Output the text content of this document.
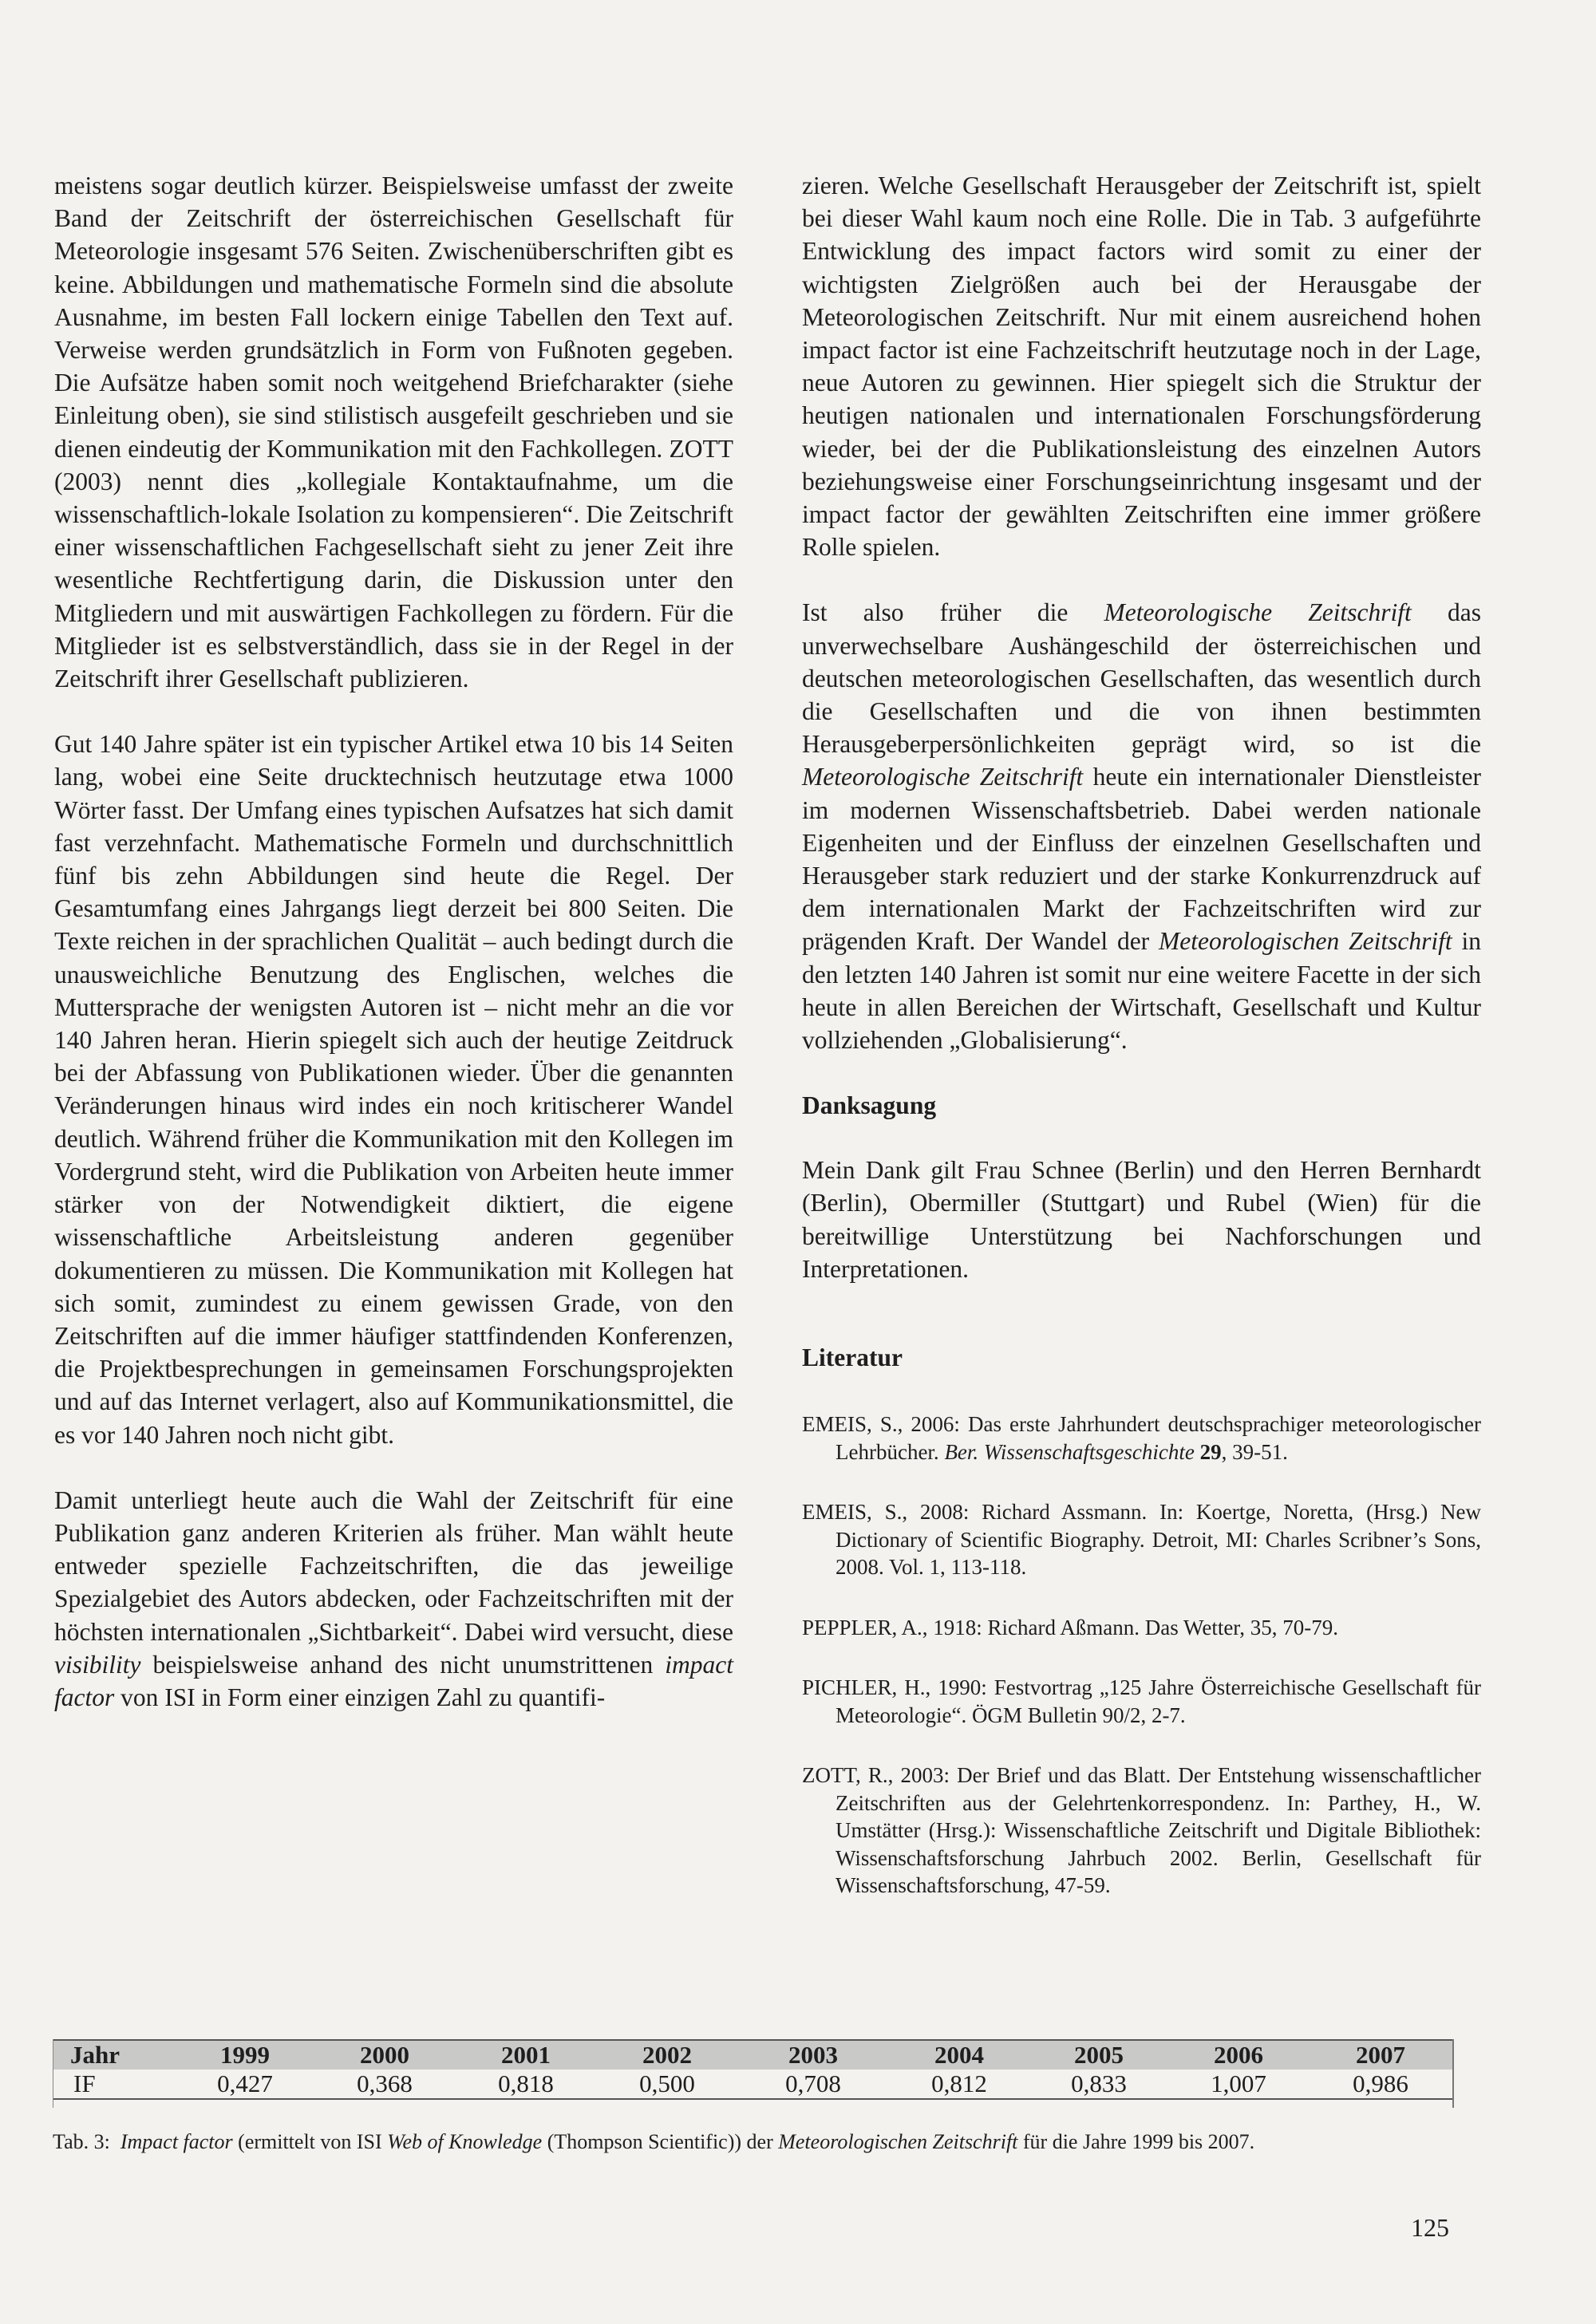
meistens sogar deutlich kürzer. Beispielsweise umfasst der zweite Band der Zeitschrift der österreichischen Gesellschaft für Meteorologie insgesamt 576 Seiten. Zwischenüberschriften gibt es keine. Abbildungen und mathematische Formeln sind die absolute Ausnahme, im besten Fall lockern einige Tabellen den Text auf. Verweise werden grundsätzlich in Form von Fußnoten gegeben. Die Aufsätze haben somit noch weitgehend Briefcharakter (siehe Einleitung oben), sie sind stilistisch ausgefeilt geschrieben und sie dienen eindeutig der Kommunikation mit den Fachkollegen. ZOTT (2003) nennt dies „kollegiale Kontaktaufnahme, um die wissenschaftlich-lokale Isolation zu kompensieren“. Die Zeitschrift einer wissenschaftlichen Fachgesellschaft sieht zu jener Zeit ihre wesentliche Rechtfertigung darin, die Diskussion unter den Mitgliedern und mit auswärtigen Fachkollegen zu fördern. Für die Mitglieder ist es selbstverständlich, dass sie in der Regel in der Zeitschrift ihrer Gesellschaft publizieren.

Gut 140 Jahre später ist ein typischer Artikel etwa 10 bis 14 Seiten lang, wobei eine Seite drucktechnisch heutzutage etwa 1000 Wörter fasst. Der Umfang eines typischen Aufsatzes hat sich damit fast verzehnfacht. Mathematische Formeln und durchschnittlich fünf bis zehn Abbildungen sind heute die Regel. Der Gesamtumfang eines Jahrgangs liegt derzeit bei 800 Seiten. Die Texte reichen in der sprachlichen Qualität – auch bedingt durch die unausweichliche Benutzung des Englischen, welches die Muttersprache der wenigsten Autoren ist – nicht mehr an die vor 140 Jahren heran. Hierin spiegelt sich auch der heutige Zeitdruck bei der Abfassung von Publikationen wieder. Über die genannten Veränderungen hinaus wird indes ein noch kritischerer Wandel deutlich. Während früher die Kommunikation mit den Kollegen im Vordergrund steht, wird die Publikation von Arbeiten heute immer stärker von der Notwendigkeit diktiert, die eigene wissenschaftliche Arbeitsleistung anderen gegenüber dokumentieren zu müssen. Die Kommunikation mit Kollegen hat sich somit, zumindest zu einem gewissen Grade, von den Zeitschriften auf die immer häufiger stattfindenden Konferenzen, die Projektbesprechungen in gemeinsamen Forschungsprojekten und auf das Internet verlagert, also auf Kommunikationsmittel, die es vor 140 Jahren noch nicht gibt.

Damit unterliegt heute auch die Wahl der Zeitschrift für eine Publikation ganz anderen Kriterien als früher. Man wählt heute entweder spezielle Fachzeitschriften, die das jeweilige Spezialgebiet des Autors abdecken, oder Fachzeitschriften mit der höchsten internationalen „Sichtbarkeit“. Dabei wird versucht, diese visibility beispielsweise anhand des nicht unumstrittenen impact factor von ISI in Form einer einzigen Zahl zu quantifi-

zieren. Welche Gesellschaft Herausgeber der Zeitschrift ist, spielt bei dieser Wahl kaum noch eine Rolle. Die in Tab. 3 aufgeführte Entwicklung des impact factors wird somit zu einer der wichtigsten Zielgrößen auch bei der Herausgabe der Meteorologischen Zeitschrift. Nur mit einem ausreichend hohen impact factor ist eine Fachzeitschrift heutzutage noch in der Lage, neue Autoren zu gewinnen. Hier spiegelt sich die Struktur der heutigen nationalen und internationalen Forschungsförderung wieder, bei der die Publikationsleistung des einzelnen Autors beziehungsweise einer Forschungseinrichtung insgesamt und der impact factor der gewählten Zeitschriften eine immer größere Rolle spielen.

Ist also früher die Meteorologische Zeitschrift das unverwechselbare Aushängeschild der österreichischen und deutschen meteorologischen Gesellschaften, das wesentlich durch die Gesellschaften und die von ihnen bestimmten Herausgeberpersönlichkeiten geprägt wird, so ist die Meteorologische Zeitschrift heute ein internationaler Dienstleister im modernen Wissenschaftsbetrieb. Dabei werden nationale Eigenheiten und der Einfluss der einzelnen Gesellschaften und Herausgeber stark reduziert und der starke Konkurrenzdruck auf dem internationalen Markt der Fachzeitschriften wird zur prägenden Kraft. Der Wandel der Meteorologischen Zeitschrift in den letzten 140 Jahren ist somit nur eine weitere Facette in der sich heute in allen Bereichen der Wirtschaft, Gesellschaft und Kultur vollziehenden „Globalisierung“.

Danksagung

Mein Dank gilt Frau Schnee (Berlin) und den Herren Bernhardt (Berlin), Obermiller (Stuttgart) und Rubel (Wien) für die bereitwillige Unterstützung bei Nachforschungen und Interpretationen.

Literatur

EMEIS, S., 2006: Das erste Jahrhundert deutschsprachiger meteorologischer Lehrbücher. Ber. Wissenschaftsgeschichte 29, 39-51.

EMEIS, S., 2008: Richard Assmann. In: Koertge, Noretta, (Hrsg.) New Dictionary of Scientific Biography. Detroit, MI: Charles Scribner’s Sons, 2008. Vol. 1, 113-118.

PEPPLER, A., 1918: Richard Aßmann. Das Wetter, 35, 70-79.

PICHLER, H., 1990: Festvortrag „125 Jahre Österreichische Gesellschaft für Meteorologie“. ÖGM Bulletin 90/2, 2-7.

ZOTT, R., 2003: Der Brief und das Blatt. Der Entstehung wissenschaftlicher Zeitschriften aus der Gelehrtenkorrespondenz. In: Parthey, H., W. Umstätter (Hrsg.): Wissenschaftliche Zeitschrift und Digitale Bibliothek: Wissenschaftsforschung Jahrbuch 2002. Berlin, Gesellschaft für Wissenschaftsforschung, 47-59.

Jahr	1999	2000	2001	2002	2003	2004	2005	2006	2007
IF	0,427	0,368	0,818	0,500	0,708	0,812	0,833	1,007	0,986
Tab. 3: Impact factor (ermittelt von ISI Web of Knowledge (Thompson Scientific)) der Meteorologischen Zeitschrift für die Jahre 1999 bis 2007.
125
